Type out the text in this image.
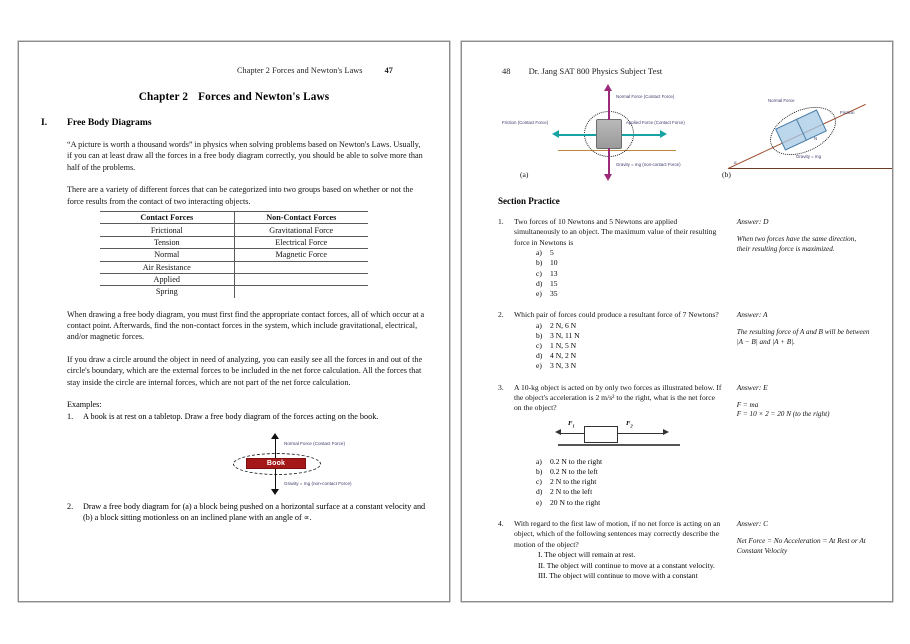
Chapter 2 Forces and Newton's Laws	47
Chapter 2 Forces and Newton's Laws
I.	Free Body Diagrams

“A picture is worth a thousand words” in physics when solving problems based on Newton's Laws. Usually, if you can at least draw all the forces in a free body diagram correctly, you should be able to solve more than half of the problems.

There are a variety of different forces that can be categorized into two groups based on whether or not the force results from the contact of two interacting objects.

Contact Forces	Non-Contact Forces
Frictional	Gravitational Force
Tension	Electrical Force
Normal	Magnetic Force
Air Resistance	
Applied	
Spring	

When drawing a free body diagram, you must first find the appropriate contact forces, all of which occur at a contact point. Afterwards, find the non-contact forces in the system, which include gravitational, electrical, and/or magnetic forces.

If you draw a circle around the object in need of analyzing, you can easily see all the forces in and out of the circle's boundary, which are the external forces to be included in the net force calculation. All the forces that stay inside the circle are internal forces, which are not part of the net force calculation.

Examples:
1. A book is at rest on a tabletop. Draw a free body diagram of the forces acting on the book.
Book
Normal Force (Contact Force)
Gravity = mg (non-contact Force)
2. Draw a free body diagram for (a) a block being pushed on a horizontal surface at a constant velocity and (b) a block sitting motionless on an inclined plane with an angle of ∝.
48 Dr. Jang SAT 800 Physics Subject Test
Normal Force (Contact Force)
Friction (Contact Force)	Applied Force (Contact Force)
Gravity = mg (non-contact Force)
(a)
Normal Force
Friction
Gravity = mg
α
N
(b)
Section Practice
1.	Two forces of 10 Newtons and 5 Newtons are applied simultaneously to an object. The maximum value of their resulting force in Newtons is
a)	5
b)	10
c)	13
d)	15
e)	35
Answer: D
When two forces have the same direction, their resulting force is maximized.
2.	Which pair of forces could produce a resultant force of 7 Newtons?
a)	2 N, 6 N
b)	3 N, 11 N
c)	1 N, 5 N
d)	4 N, 2 N
e)	3 N, 3 N
Answer: A
The resulting force of A and B will be between |A − B| and |A + B|.
3.	A 10-kg object is acted on by only two forces as illustrated below. If the object's acceleration is 2 m/s² to the right, what is the net force on the object?
$F_1$	$F_2$
a)	0.2 N to the right
b)	0.2 N to the left
c)	2 N to the right
d)	2 N to the left
e)	20 N to the right
Answer: E
F = ma
F = 10 × 2 = 20 N (to the right)
4.	With regard to the first law of motion, if no net force is acting on an object, which of the following sentences may correctly describe the motion of the object?
I. The object will remain at rest.
II. The object will continue to move at a constant velocity.
III. The object will continue to move with a constant
Answer: C
Net Force = No Acceleration = At Rest or At Constant Velocity
